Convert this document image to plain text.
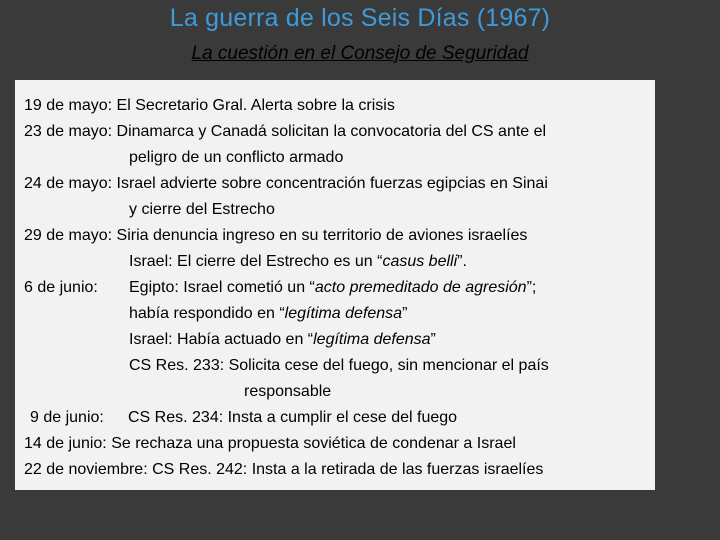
La guerra de los Seis Días (1967)
La cuestión en el Consejo de Seguridad
19 de mayo: El Secretario Gral. Alerta sobre la crisis
23 de mayo: Dinamarca y Canadá solicitan la convocatoria del CS ante el
peligro de un conflicto armado
24 de mayo: Israel advierte sobre concentración fuerzas egipcias en Sinai
y cierre del Estrecho
29 de mayo: Siria denuncia ingreso en su territorio de aviones israelíes
Israel: El cierre del Estrecho es un “casus belli”.
6 de junio: Egipto: Israel cometió un “acto premeditado de agresión”;
había respondido en “legítima defensa”
Israel: Había actuado en “legítima defensa”
CS Res. 233: Solicita cese del fuego, sin mencionar el país
responsable
9 de junio: CS Res. 234: Insta a cumplir el cese del fuego
14 de junio: Se rechaza una propuesta soviética de condenar a Israel
22 de noviembre: CS Res. 242: Insta a la retirada de las fuerzas israelíes
